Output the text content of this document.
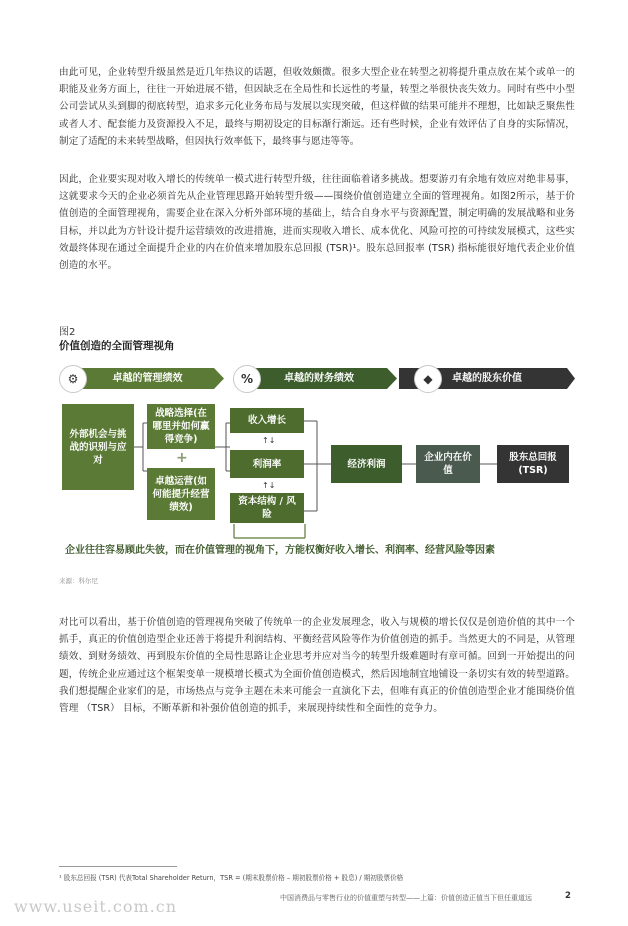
由此可见，企业转型升级虽然是近几年热议的话题，但收效颇微。很多大型企业在转型之初将提升重点放在某个或单一的职能及业务方面上，往往一开始进展不错，但因缺乏在全局性和长远性的考量，转型之举很快丧失效力。同时有些中小型公司尝试从头到脚的彻底转型，追求多元化业务布局与发展以实现突破，但这样做的结果可能并不理想，比如缺乏聚焦性或者人才、配套能力及资源投入不足，最终与期初设定的目标渐行渐远。还有些时候，企业有效评估了自身的实际情况，制定了适配的未来转型战略，但因执行效率低下，最终事与愿违等等。

因此，企业要实现对收入增长的传统单一模式进行转型升级，往往面临着诸多挑战。想要游刃有余地有效应对绝非易事，这就要求今天的企业必须首先从企业管理思路开始转型升级——围绕价值创造建立全面的管理视角。如图2所示，基于价值创造的全面管理视角，需要企业在深入分析外部环境的基础上，结合自身水平与资源配置，制定明确的发展战略和业务目标，并以此为方针设计提升运营绩效的改进措施，进而实现收入增长、成本优化、风险可控的可持续发展模式，这些实效最终体现在通过全面提升企业的内在价值来增加股东总回报 (TSR)¹。股东总回报率 (TSR) 指标能很好地代表企业价值创造的水平。

图2
价值创造的全面管理视角
卓越的管理绩效
⚙	卓越的财务绩效
%	卓越的股东价值
◆
外部机会与挑战的识别与应对
战略选择(在哪里并如何赢得竞争)
+
卓越运营(如何能提升经营绩效)
收入增长
↑↓
利润率
↑↓
资本结构 / 风险
经济利润
企业内在价值
股东总回报 (TSR)
企业往往容易顾此失彼，而在价值管理的视角下，方能权衡好收入增长、利润率、经营风险等因素
来源：科尔尼

对比可以看出，基于价值创造的管理视角突破了传统单一的企业发展理念，收入与规模的增长仅仅是创造价值的其中一个抓手，真正的价值创造型企业还善于将提升利润结构、平衡经营风险等作为价值创造的抓手。当然更大的不同是，从管理绩效、到财务绩效、再到股东价值的全局性思路让企业思考并应对当今的转型升级难题时有章可循。回到一开始提出的问题，传统企业应通过这个框架变单一规模增长模式为全面价值创造模式，然后因地制宜地铺设一条切实有效的转型道路。我们想提醒企业家们的是，市场热点与竞争主题在未来可能会一直演化下去，但唯有真正的价值创造型企业才能围绕价值管理 （TSR） 目标，不断革新和补强价值创造的抓手，来展现持续性和全面性的竞争力。

¹ 股东总回报 (TSR) 代表Total Shareholder Return，TSR = (期末股票价格 – 期初股票价格 + 股息) / 期初股票价格
中国消费品与零售行业的价值重塑与转型——上篇：价值创造正值当下但任重道远	2
www.useit.com.cn
